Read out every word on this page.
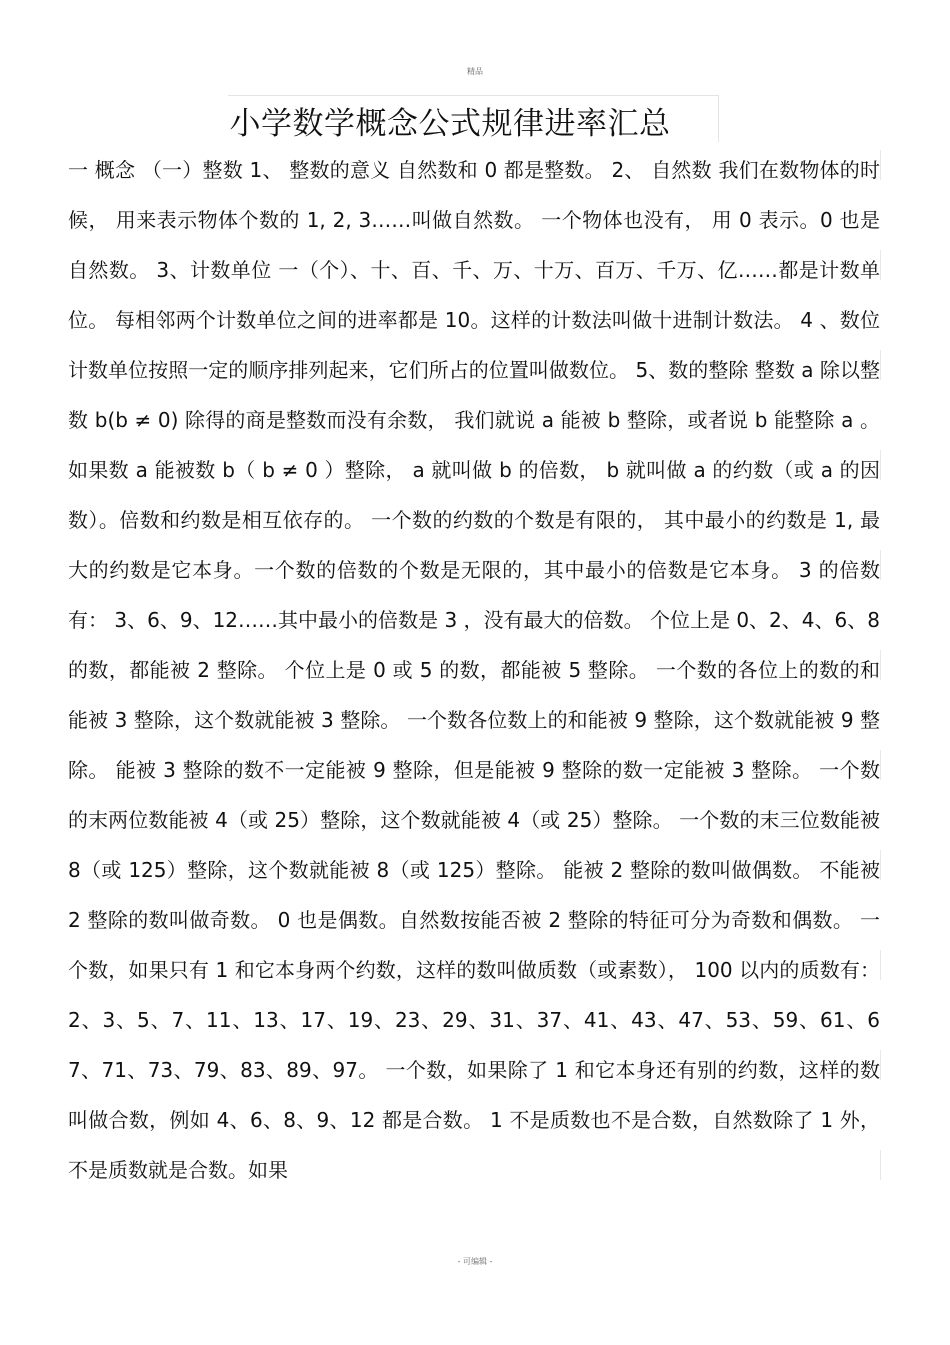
精品
小学数学概念公式规律进率汇总

一 概念 （一）整数 1、 整数的意义 自然数和 0 都是整数。 2、 自然数 我们在数物体的时候， 用来表示物体个数的 1, 2, 3……叫做自然数。 一个物体也没有， 用 0 表示。0 也是自然数。 3、计数单位 一（个）、十、百、千、万、十万、百万、千万、亿……都是计数单位。 每相邻两个计数单位之间的进率都是 10。这样的计数法叫做十进制计数法。 4 、数位 计数单位按照一定的顺序排列起来，它们所占的位置叫做数位。 5、数的整除 整数 a 除以整数 b(b ≠ 0) 除得的商是整数而没有余数， 我们就说 a 能被 b 整除，或者说 b 能整除 a 。如果数 a 能被数 b（ b ≠ 0 ）整除， a 就叫做 b 的倍数， b 就叫做 a 的约数（或 a 的因数）。倍数和约数是相互依存的。 一个数的约数的个数是有限的， 其中最小的约数是 1, 最大的约数是它本身。一个数的倍数的个数是无限的，其中最小的倍数是它本身。 3 的倍数有： 3、6、9、12……其中最小的倍数是 3 ，没有最大的倍数。 个位上是 0、2、4、6、8 的数，都能被 2 整除。 个位上是 0 或 5 的数，都能被 5 整除。 一个数的各位上的数的和能被 3 整除，这个数就能被 3 整除。 一个数各位数上的和能被 9 整除，这个数就能被 9 整除。 能被 3 整除的数不一定能被 9 整除，但是能被 9 整除的数一定能被 3 整除。 一个数的末两位数能被 4（或 25）整除，这个数就能被 4（或 25）整除。 一个数的末三位数能被 8（或 125）整除，这个数就能被 8（或 125）整除。 能被 2 整除的数叫做偶数。 不能被 2 整除的数叫做奇数。 0 也是偶数。自然数按能否被 2 整除的特征可分为奇数和偶数。 一个数，如果只有 1 和它本身两个约数，这样的数叫做质数（或素数）， 100 以内的质数有： 2、3、5、7、11、13、17、19、23、29、31、37、41、43、47、53、59、61、67、71、73、79、83、89、97。 一个数，如果除了 1 和它本身还有别的约数，这样的数叫做合数，例如 4、6、8、9、12 都是合数。 1 不是质数也不是合数，自然数除了 1 外，不是质数就是合数。如果

- 可编辑 -
